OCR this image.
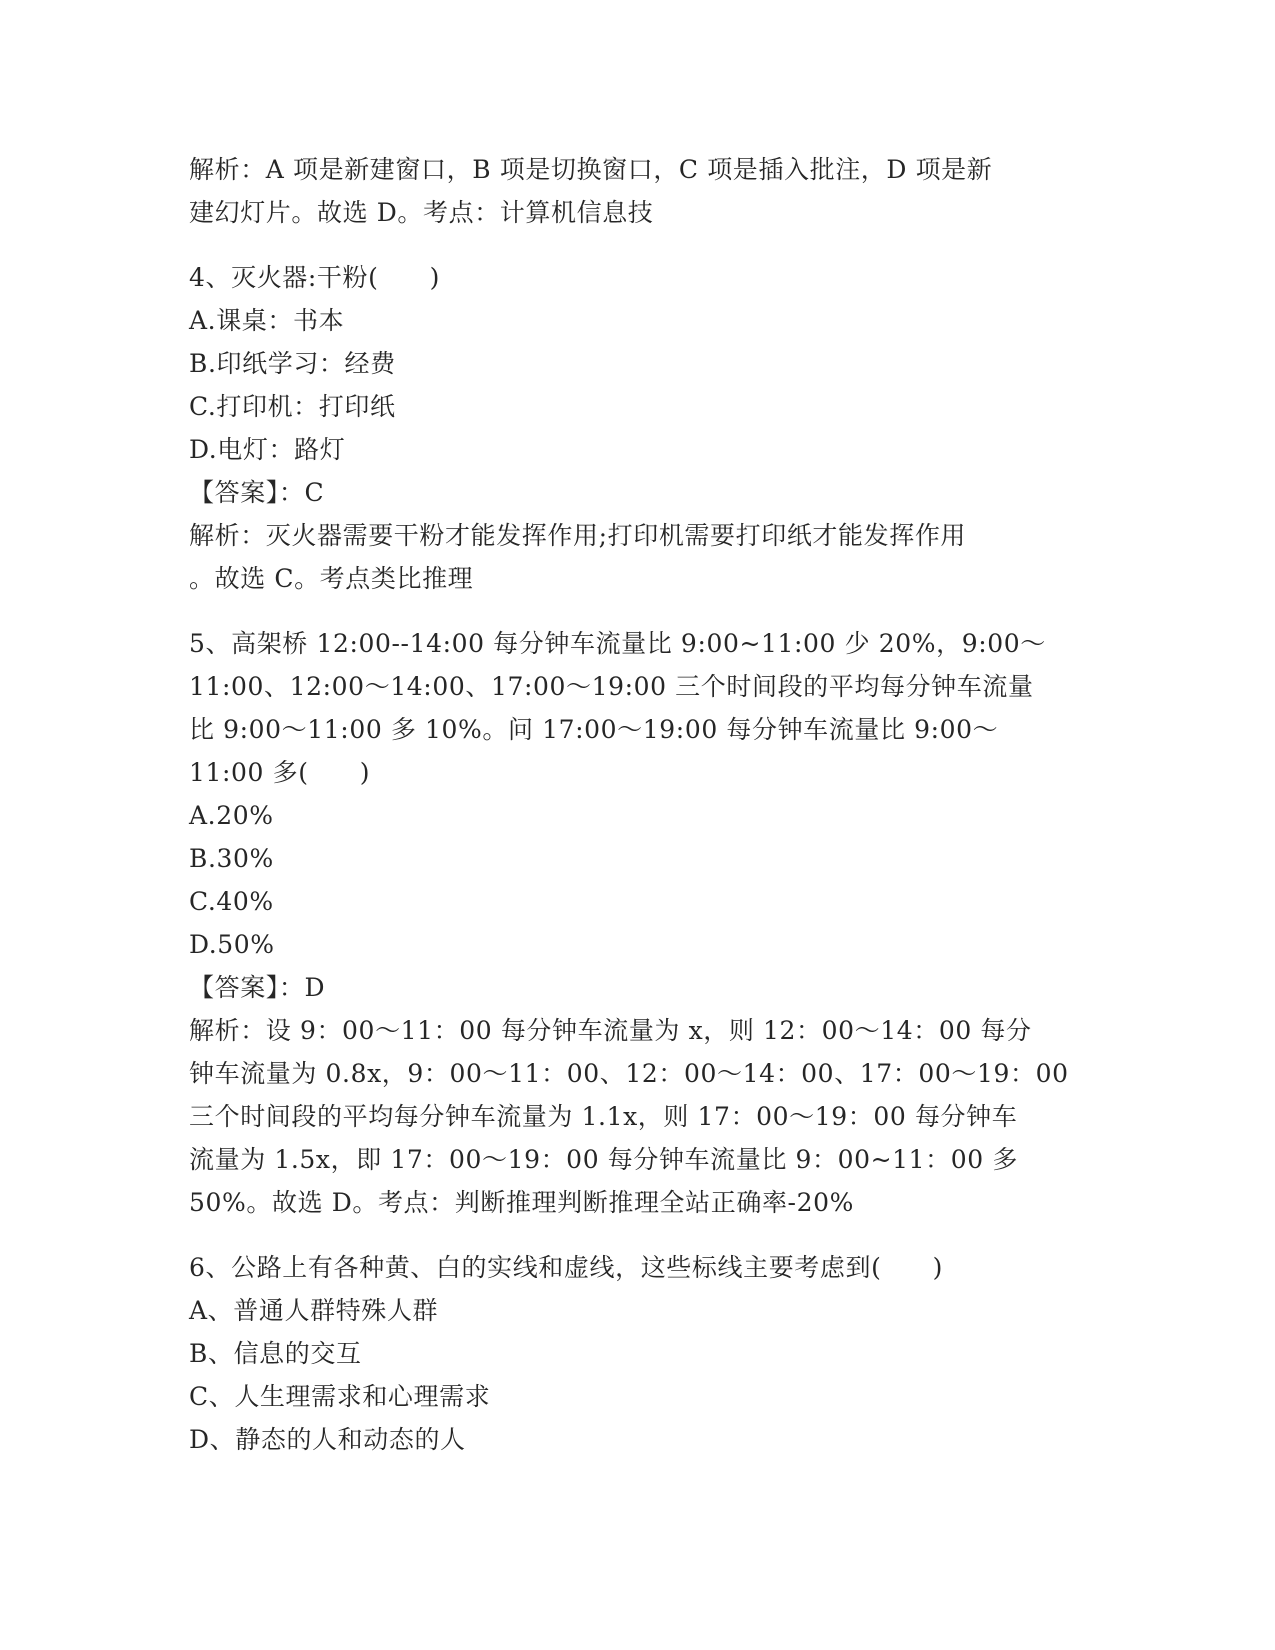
解析：A 项是新建窗口，B 项是切换窗口，C 项是插入批注，D 项是新
建幻灯片。故选 D。考点：计算机信息技
4、灭火器:干粉(　　)
A.课桌：书本
B.印纸学习：经费
C.打印机：打印纸
D.电灯：路灯
【答案】：C
解析：灭火器需要干粉才能发挥作用;打印机需要打印纸才能发挥作用
。故选 C。考点类比推理
5、高架桥 12:00--14:00 每分钟车流量比 9:00~11:00 少 20%，9:00～
11:00、12:00～14:00、17:00～19:00 三个时间段的平均每分钟车流量
比 9:00～11:00 多 10%。问 17:00～19:00 每分钟车流量比 9:00～
11:00 多(　　)
A.20%
B.30%
C.40%
D.50%
【答案】：D
解析：设 9：00～11：00 每分钟车流量为 x，则 12：00～14：00 每分
钟车流量为 0.8x，9：00～11：00、12：00～14：00、17：00～19：00
三个时间段的平均每分钟车流量为 1.1x，则 17：00～19：00 每分钟车
流量为 1.5x，即 17：00～19：00 每分钟车流量比 9：00~11：00 多
50%。故选 D。考点：判断推理判断推理全站正确率-20%
6、公路上有各种黄、白的实线和虚线，这些标线主要考虑到(　　)
A、普通人群特殊人群
B、信息的交互
C、人生理需求和心理需求
D、静态的人和动态的人
